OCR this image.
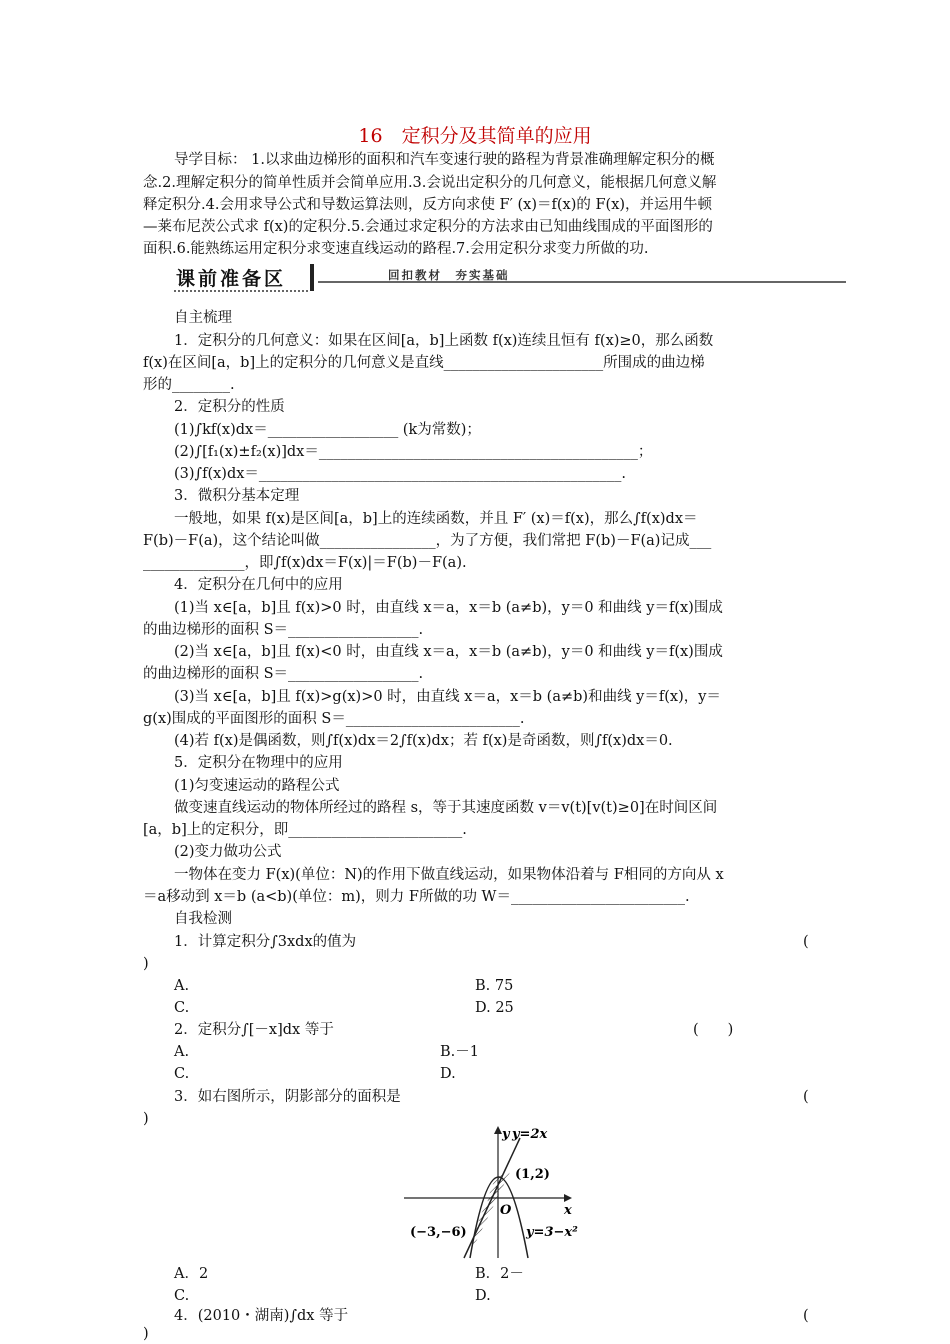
16　定积分及其简单的应用
导学目标： 1.以求曲边梯形的面积和汽车变速行驶的路程为背景准确理解定积分的概
念.2.理解定积分的简单性质并会简单应用.3.会说出定积分的几何意义，能根据几何意义解
释定积分.4.会用求导公式和导数运算法则，反方向求使 F′ (x)＝f(x)的 F(x)，并运用牛顿
—莱布尼茨公式求 f(x)的定积分.5.会通过求定积分的方法求由已知曲线围成的平面图形的
面积.6.能熟练运用定积分求变速直线运动的路程.7.会用定积分求变力所做的功.
课前准备区	回扣教材　夯实基础
自主梳理
1．定积分的几何意义：如果在区间[a，b]上函数 f(x)连续且恒有 f(x)≥0，那么函数
f(x)在区间[a，b]上的定积分的几何意义是直线______________________所围成的曲边梯
形的________.
2．定积分的性质
(1)∫kf(x)dx＝__________________ (k为常数)；
(2)∫[f₁(x)±f₂(x)]dx＝____________________________________________；
(3)∫f(x)dx＝__________________________________________________.
3．微积分基本定理
一般地，如果 f(x)是区间[a，b]上的连续函数，并且 F′ (x)＝f(x)，那么∫f(x)dx＝
F(b)－F(a)，这个结论叫做________________，为了方便，我们常把 F(b)－F(a)记成___
______________，即∫f(x)dx＝F(x)|＝F(b)－F(a).
4．定积分在几何中的应用
(1)当 x∈[a，b]且 f(x)>0 时，由直线 x＝a，x＝b (a≠b)，y＝0 和曲线 y＝f(x)围成
的曲边梯形的面积 S＝__________________.
(2)当 x∈[a，b]且 f(x)<0 时，由直线 x＝a，x＝b (a≠b)，y＝0 和曲线 y＝f(x)围成
的曲边梯形的面积 S＝__________________.
(3)当 x∈[a，b]且 f(x)>g(x)>0 时，由直线 x＝a，x＝b (a≠b)和曲线 y＝f(x)，y＝
g(x)围成的平面图形的面积 S＝________________________.
(4)若 f(x)是偶函数，则∫f(x)dx＝2∫f(x)dx；若 f(x)是奇函数，则∫f(x)dx＝0.
5．定积分在物理中的应用
(1)匀变速运动的路程公式
做变速直线运动的物体所经过的路程 s，等于其速度函数 v＝v(t)[v(t)≥0]在时间区间
[a，b]上的定积分，即________________________.
(2)变力做功公式
一物体在变力 F(x)(单位：N)的作用下做直线运动，如果物体沿着与 F相同的方向从 x
＝a移动到 x＝b (a<b)(单位：m)，则力 F所做的功 W＝________________________.
自我检测
1．计算定积分∫3xdx的值为	(
)
A.	B. 75
C.	D. 25
2．定积分∫[－x]dx 等于	(　　)
A.	B.－1
C.	D.
3．如右图所示，阴影部分的面积是	(
)
y y=2x
(1,2)
O	x
(−3,−6)	y=3−x²
A．2	B．2－
C.	D.
4．(2010・湖南)∫dx 等于	(
)
